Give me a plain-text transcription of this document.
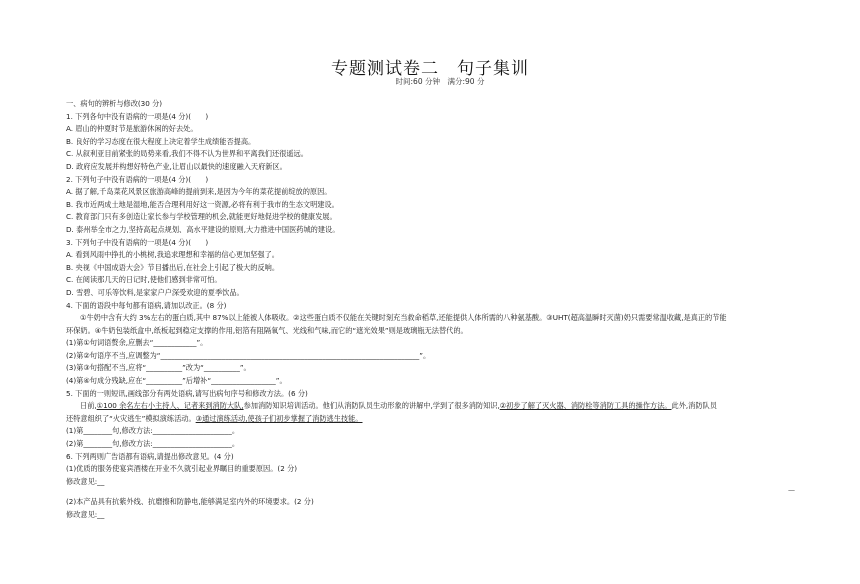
专题测试卷二　句子集训
时间:60 分钟　满分:90 分
一、病句的辨析与修改(30 分)
1. 下列各句中没有语病的一项是(4 分)(　　)
A. 眉山的仲夏时节是旅游休闲的好去处。
B. 良好的学习态度在很大程度上决定着学生成绩能否提高。
C. 从叙利亚目前紧张的局势来看,我们不得不认为世界和平离我们还很遥远。
D. 政府应发展并构想好特色产业,让眉山以最快的速度融入天府新区。
2. 下列句子中没有语病的一项是(4 分)(　　)
A. 据了解,千岛菜花风景区旅游高峰的提前到来,是因为今年的菜花提前绽放的原因。
B. 我市近两成土地是湿地,能否合理利用好这一资源,必将有利于我市的生态文明建设。
C. 教育部门只有多创造让家长参与学校管理的机会,就能更好地促进学校的健康发展。
D. 泰州举全市之力,坚持高起点规划、高水平建设的原则,大力推进中国医药城的建设。
3. 下列句子中没有语病的一项是(4 分)(　　)
A. 看到风雨中挣扎的小桃树,我追求理想和幸福的信心更加坚强了。
B. 央视《中国成语大会》节目播出后,在社会上引起了极大的反响。
C. 在阅读那几天的日记时,使他们感到非常可怕。
D. 雪碧、可乐等饮料,是家家户户深受欢迎的夏季饮品。
4. 下面的语段中每句都有语病,请加以改正。(8 分)
①牛奶中含有大约 3%左右的蛋白质,其中 87%以上能被人体吸收。②这些蛋白质不仅能在关键时刻充当救命稻草,还能提供人体所需的八种氨基酸。③UHT(超高温瞬时灭菌)奶只需要常温收藏,是真正的节能
环保奶。④牛奶包装纸盒中,纸板起到稳定支撑的作用,铝箔有阻隔氧气、光线和气味,而它的“遮光效果”则是玻璃瓶无法替代的。
(1)第①句词语赘余,应删去“____________”。
(2)第②句语序不当,应调整为“________________________________________________________________________”。
(3)第③句搭配不当,应将“__________”改为“__________”。
(4)第④句成分残缺,应在“__________”后增补“__________________”。
5. 下面的一则短讯,画线部分有两处语病,请写出病句序号和修改方法。(6 分)
日前,①100 余名左右小主持人、记者来到消防大队,参加消防知识培训活动。他们从消防队员生动形象的讲解中,学到了很多消防知识,②初步了解了灭火器、消防栓等消防工具的操作方法。此外,消防队员
还特意组织了“火灾逃生”模拟演练活动。③通过演练活动,使孩子们初步掌握了消防逃生技能。
(1)第________句,修改方法:______________________。
(2)第________句,修改方法:______________________。
6. 下列两则广告语都有语病,请提出修改意见。(4 分)
(1)优质的服务使宴宾酒楼在开业不久就引起业界瞩目的重要原因。(2 分)
修改意见:__
(2)本产品具有抗紫外线、抗磨擦和防静电,能够满足室内外的环境要求。(2 分)
修改意见:__
—
